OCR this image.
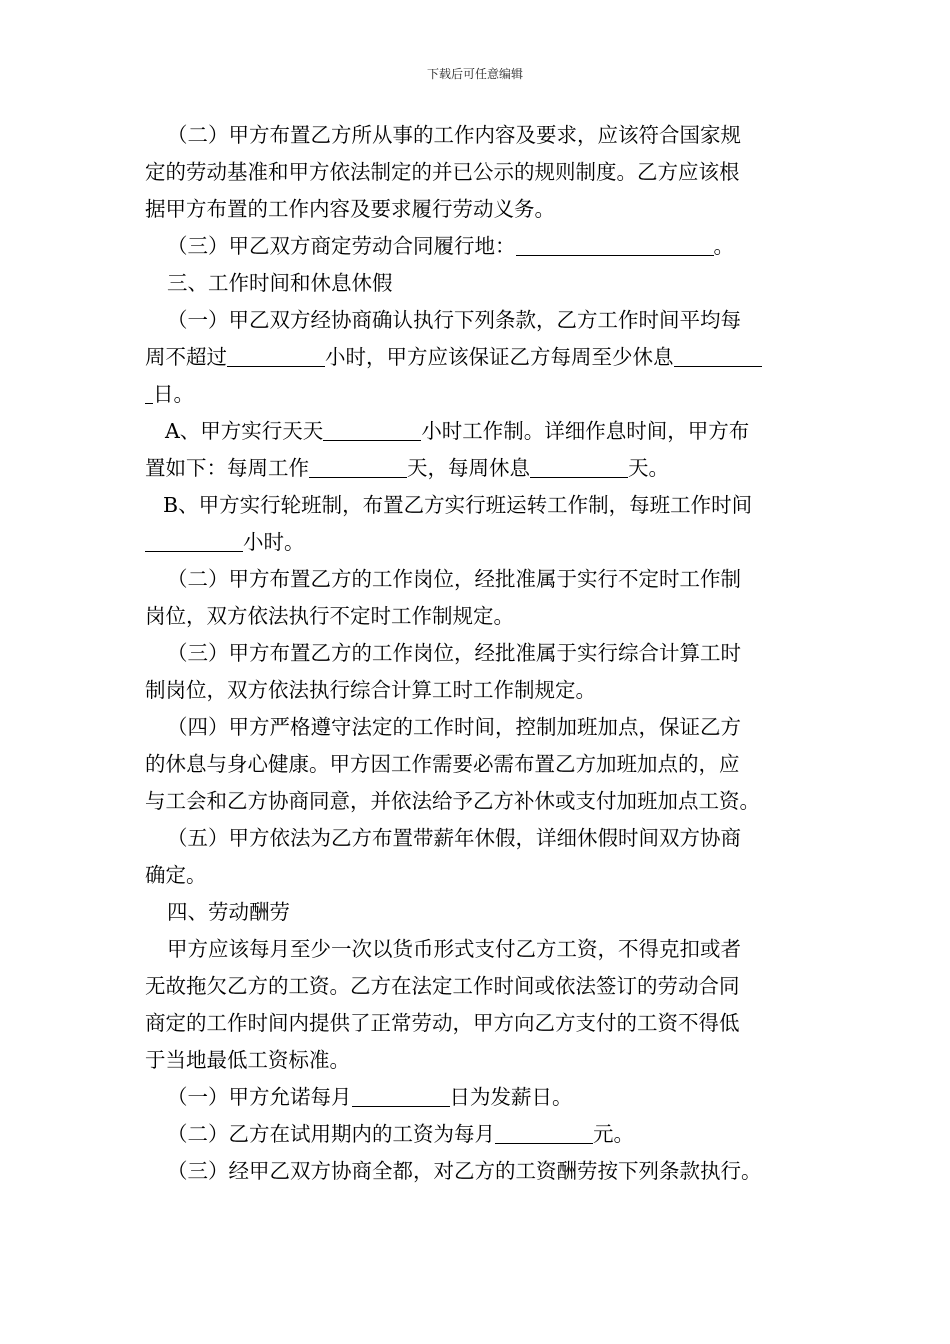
下载后可任意编辑
（二）甲方布置乙方所从事的工作内容及要求，应该符合国家规
定的劳动基准和甲方依法制定的并已公示的规则制度。乙方应该根
据甲方布置的工作内容及要求履行劳动义务。
（三）甲乙双方商定劳动合同履行地：	。
三、工作时间和休息休假
（一）甲乙双方经协商确认执行下列条款，乙方工作时间平均每
周不超过	小时，甲方应该保证乙方每周至少休息
日。
A、甲方实行天天	小时工作制。详细作息时间，甲方布
置如下：每周工作	天，每周休息	天。
B、甲方实行轮班制，布置乙方实行班运转工作制，每班工作时间
小时。
（二）甲方布置乙方的工作岗位，经批准属于实行不定时工作制
岗位，双方依法执行不定时工作制规定。
（三）甲方布置乙方的工作岗位，经批准属于实行综合计算工时
制岗位，双方依法执行综合计算工时工作制规定。
（四）甲方严格遵守法定的工作时间，控制加班加点，保证乙方
的休息与身心健康。甲方因工作需要必需布置乙方加班加点的，应
与工会和乙方协商同意，并依法给予乙方补休或支付加班加点工资。
（五）甲方依法为乙方布置带薪年休假，详细休假时间双方协商
确定。
四、劳动酬劳
甲方应该每月至少一次以货币形式支付乙方工资，不得克扣或者
无故拖欠乙方的工资。乙方在法定工作时间或依法签订的劳动合同
商定的工作时间内提供了正常劳动，甲方向乙方支付的工资不得低
于当地最低工资标准。
（一）甲方允诺每月	日为发薪日。
（二）乙方在试用期内的工资为每月	元。
（三）经甲乙双方协商全都，对乙方的工资酬劳按下列条款执行。
